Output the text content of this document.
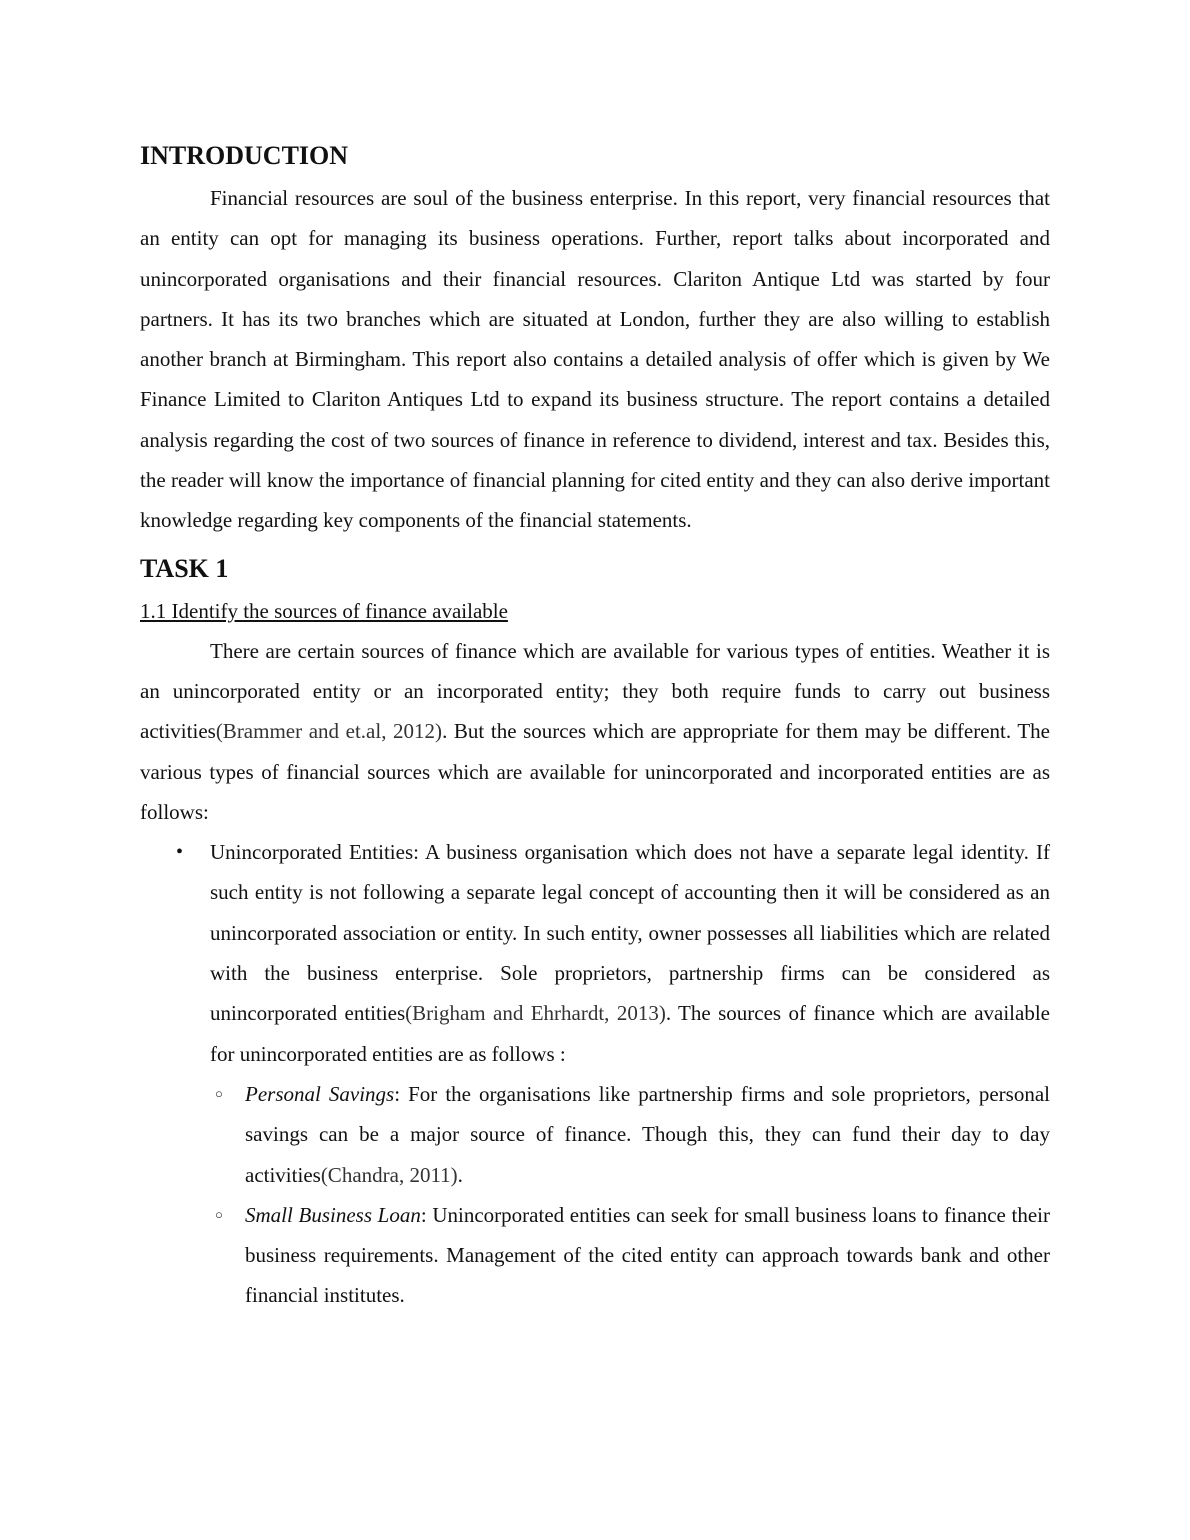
INTRODUCTION

Financial resources are soul of the business enterprise. In this report, very financial resources that an entity can opt for managing its business operations. Further, report talks about incorporated and unincorporated organisations and their financial resources. Clariton Antique Ltd was started by four partners. It has its two branches which are situated at London, further they are also willing to establish another branch at Birmingham. This report also contains a detailed analysis of offer which is given by We Finance Limited to Clariton Antiques Ltd to expand its business structure. The report contains a detailed analysis regarding the cost of two sources of finance in reference to dividend, interest and tax. Besides this, the reader will know the importance of financial planning for cited entity and they can also derive important knowledge regarding key components of the financial statements.

TASK 1
1.1 Identify the sources of finance available

There are certain sources of finance which are available for various types of entities. Weather it is an unincorporated entity or an incorporated entity; they both require funds to carry out business activities(Brammer and et.al, 2012). But the sources which are appropriate for them may be different. The various types of financial sources which are available for unincorporated and incorporated entities are as follows:

• Unincorporated Entities: A business organisation which does not have a separate legal identity. If such entity is not following a separate legal concept of accounting then it will be considered as an unincorporated association or entity. In such entity, owner possesses all liabilities which are related with the business enterprise. Sole proprietors, partnership firms can be considered as unincorporated entities(Brigham and Ehrhardt, 2013). The sources of finance which are available for unincorporated entities are as follows :

○ Personal Savings: For the organisations like partnership firms and sole proprietors, personal savings can be a major source of finance. Though this, they can fund their day to day activities(Chandra, 2011).

○ Small Business Loan: Unincorporated entities can seek for small business loans to finance their business requirements. Management of the cited entity can approach towards bank and other financial institutes.
